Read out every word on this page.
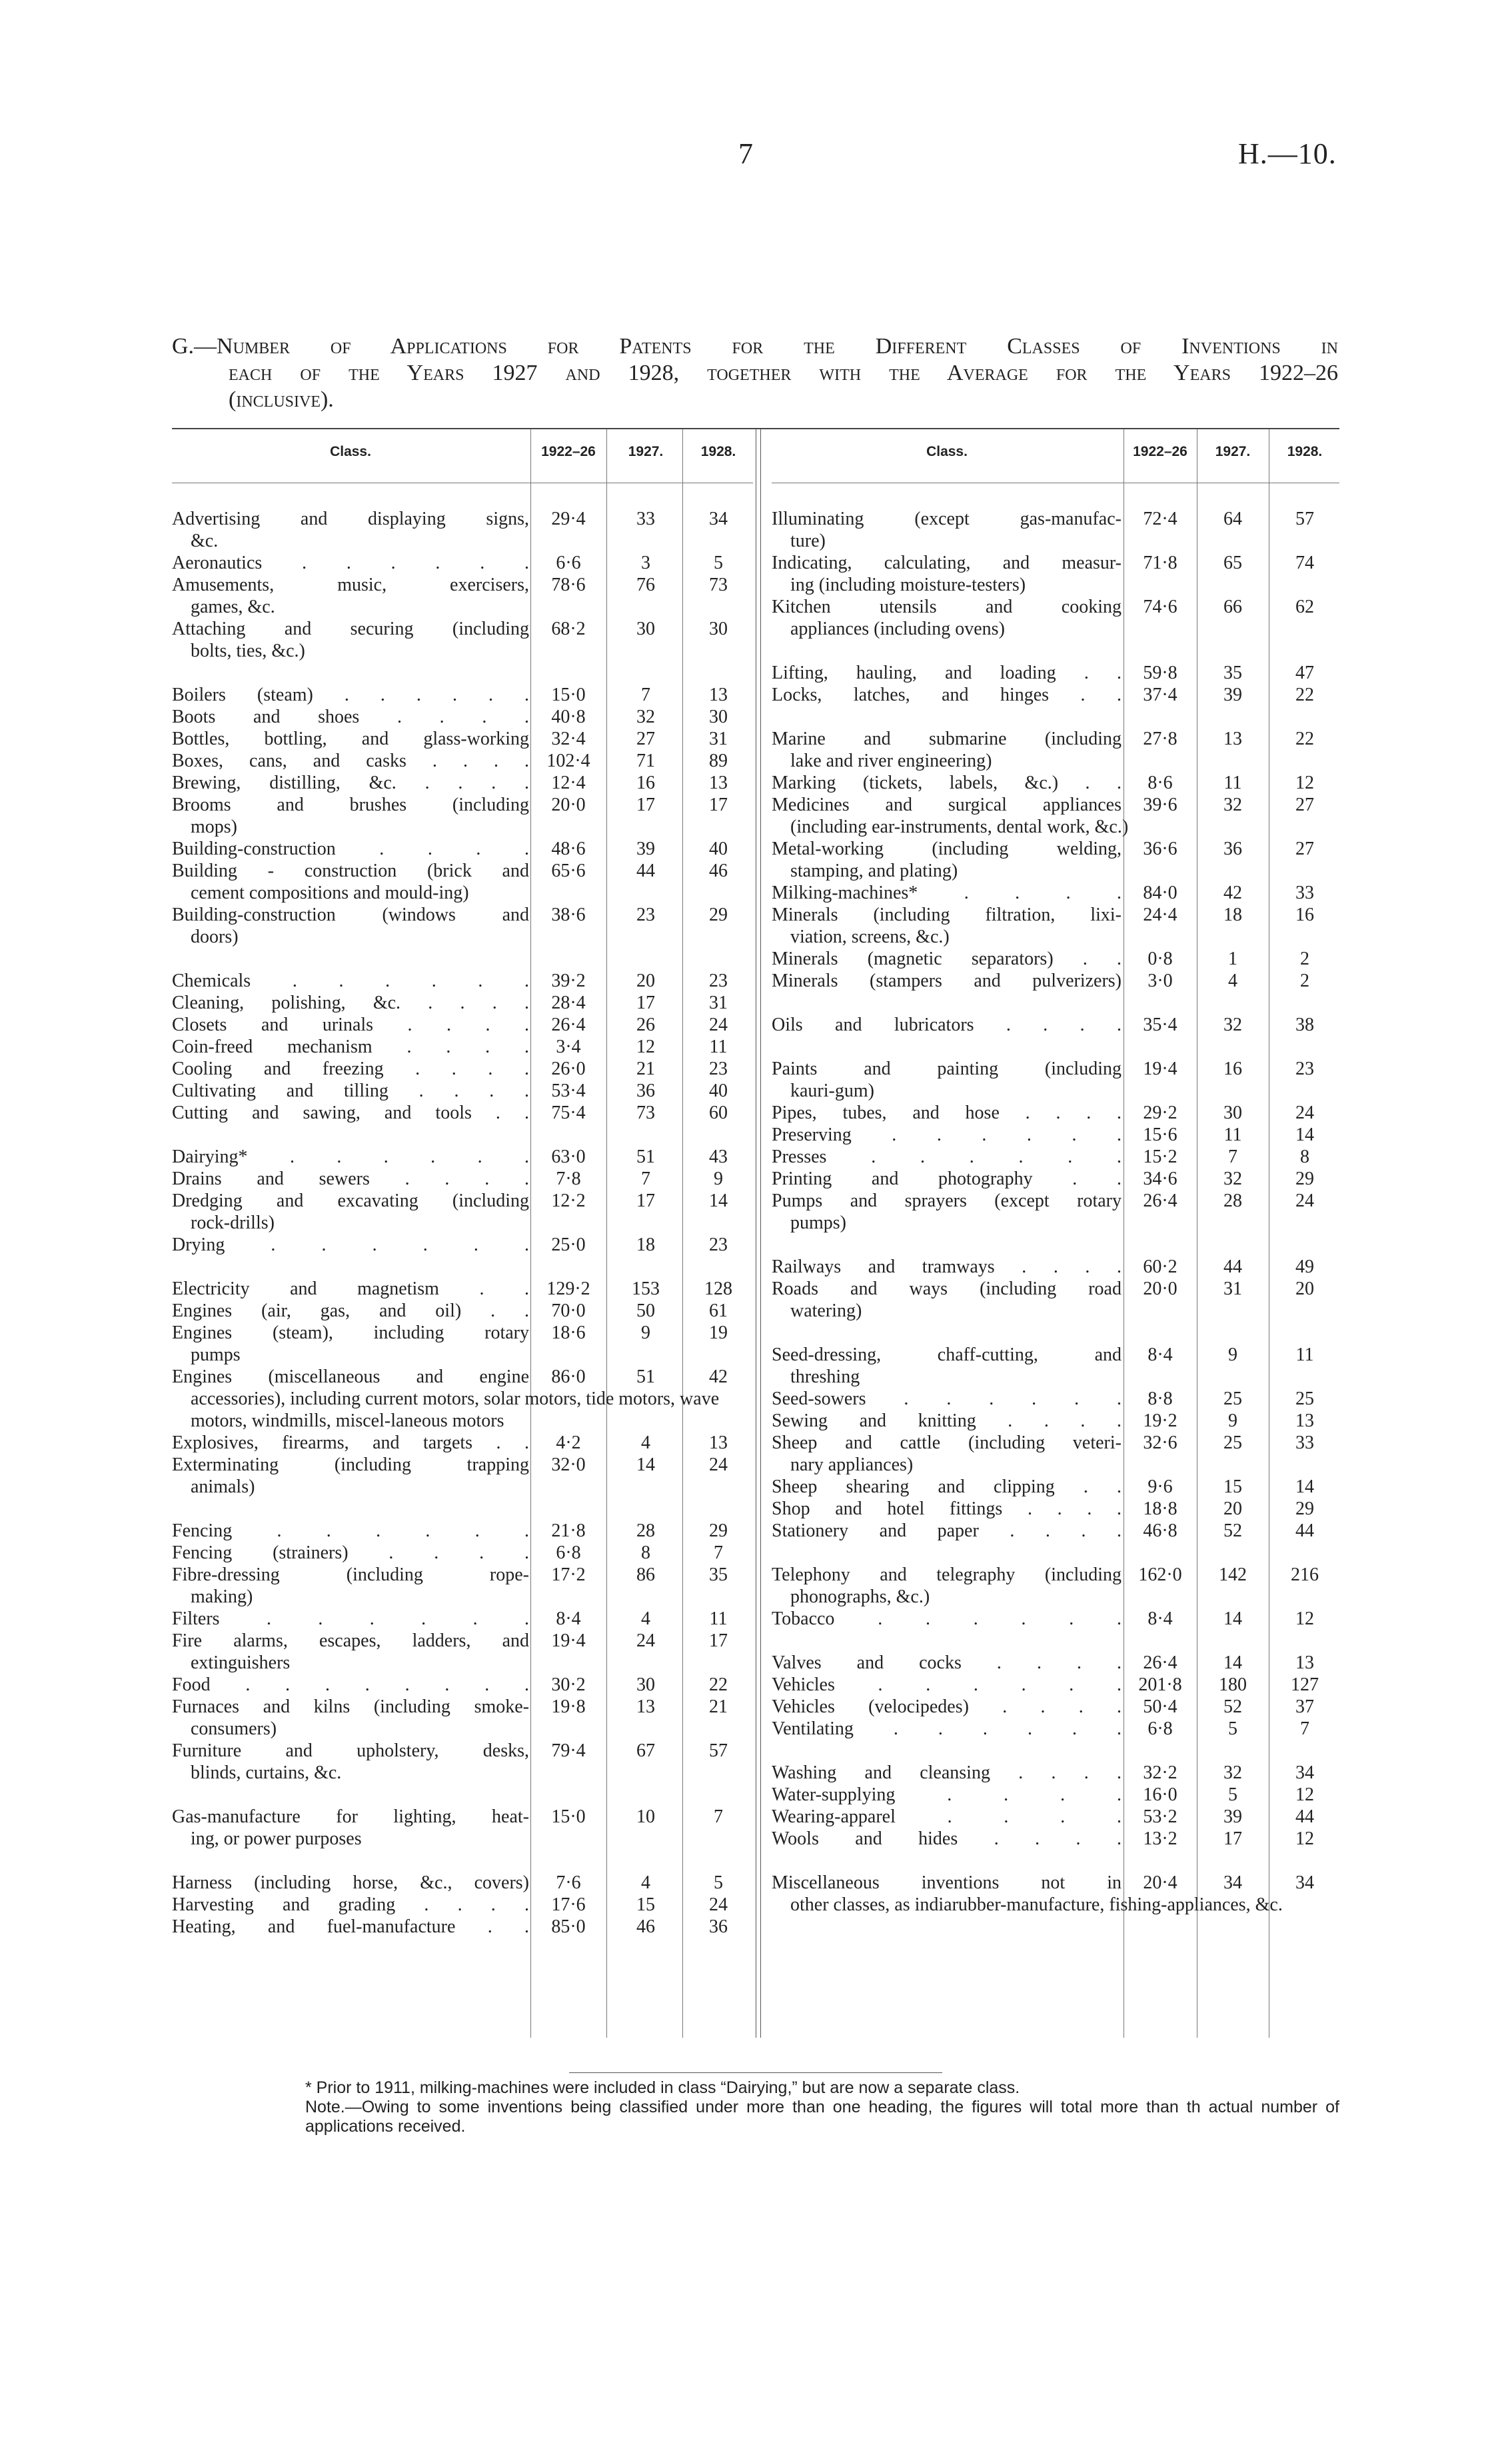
7	H.—10.
G.—Number of Applications for Patents for the Different Classes of Inventions in
each of the Years 1927 and 1928, together with the Average for the Years 1922–26
(inclusive).
Class.	1922–26	1927.	1928.
Advertising and displaying signs,
&c.
29·4	33	34
Aeronautics . . . . . .	6·6	3	5
Amusements, music, exercisers,
games, &c.
78·6	76	73
Attaching and securing (including
bolts, ties, &c.)
68·2	30	30
Boilers (steam) . . . . . .	15·0	7	13
Boots and shoes . . . .	40·8	32	30
Bottles, bottling, and glass-working	32·4	27	31
Boxes, cans, and casks . . . . 102·4	71	89
Brewing, distilling, &c. . . . .	12·4	16	13
Brooms and brushes (including
mops)
20·0	17	17
Building-construction . . . .	48·6	39	40
Building - construction (brick and
cement compositions and mould-ing)
65·6	44	46
Building-construction (windows and
doors)
38·6	23	29
Chemicals . . . . . .	39·2	20	23
Cleaning, polishing, &c. . . . .	28·4	17	31
Closets and urinals . . . .	26·4	26	24
Coin-freed mechanism . . . .	3·4	12	11
Cooling and freezing . . . .	26·0	21	23
Cultivating and tilling . . . .	53·4	36	40
Cutting and sawing, and tools . .	75·4	73	60
Dairying* . . . . . .	63·0	51	43
Drains and sewers . . . .	7·8	7	9
Dredging and excavating (including
rock-drills)
12·2	17	14
Drying . . . . . .	25·0	18	23
Electricity and magnetism . . 129·2	153	128
Engines (air, gas, and oil) . .	70·0	50	61
Engines (steam), including rotary
pumps
18·6	9	19
Engines (miscellaneous and engine
accessories), including current motors, solar motors, tide motors, wave motors, windmills, miscel-laneous motors
86·0	51	42
Explosives, firearms, and targets . .	4·2	4	13
Exterminating (including trapping
animals)
32·0	14	24
Fencing . . . . . .	21·8	28	29
Fencing (strainers) . . . .	6·8	8	7
Fibre-dressing (including rope-
making)
17·2	86	35
Filters . . . . . .	8·4	4	11
Fire alarms, escapes, ladders, and
extinguishers
19·4	24	17
Food . . . . . . . .	30·2	30	22
Furnaces and kilns (including smoke-
consumers)
19·8	13	21
Furniture and upholstery, desks,
blinds, curtains, &c.
79·4	67	57
Gas-manufacture for lighting, heat-
ing, or power purposes
15·0	10	7
Harness (including horse, &c., covers)	7·6	4	5
Harvesting and grading . . . .	17·6	15	24
Heating, and fuel-manufacture . .	85·0	46	36
Class.	1922–26	1927.	1928.
Illuminating (except gas-manufac-
ture)
72·4	64	57
Indicating, calculating, and measur-
ing (including moisture-testers)
71·8	65	74
Kitchen utensils and cooking
appliances (including ovens)
74·6	66	62
Lifting, hauling, and loading . .	59·8	35	47
Locks, latches, and hinges . .	37·4	39	22
Marine and submarine (including
lake and river engineering)
27·8	13	22
Marking (tickets, labels, &c.) . .	8·6	11	12
Medicines and surgical appliances
(including ear-instruments, dental work, &c.)
39·6	32	27
Metal-working (including welding,
stamping, and plating)
36·6	36	27
Milking-machines* . . . .	84·0	42	33
Minerals (including filtration, lixi-
viation, screens, &c.)
24·4	18	16
Minerals (magnetic separators) . .	0·8	1	2
Minerals (stampers and pulverizers)	3·0	4	2
Oils and lubricators . . . .	35·4	32	38
Paints and painting (including
kauri-gum)
19·4	16	23
Pipes, tubes, and hose . . . .	29·2	30	24
Preserving . . . . . .	15·6	11	14
Presses . . . . . .	15·2	7	8
Printing and photography . .	34·6	32	29
Pumps and sprayers (except rotary
pumps)
26·4	28	24
Railways and tramways . . . .	60·2	44	49
Roads and ways (including road
watering)
20·0	31	20
Seed-dressing, chaff-cutting, and
threshing
8·4	9	11
Seed-sowers . . . . . .	8·8	25	25
Sewing and knitting . . . .	19·2	9	13
Sheep and cattle (including veteri-
nary appliances)
32·6	25	33
Sheep shearing and clipping . .	9·6	15	14
Shop and hotel fittings . . . .	18·8	20	29
Stationery and paper . . . .	46·8	52	44
Telephony and telegraphy (including
phonographs, &c.)
162·0	142	216
Tobacco . . . . . .	8·4	14	12
Valves and cocks . . . .	26·4	14	13
Vehicles . . . . . . 201·8	180	127
Vehicles (velocipedes) . . . .	50·4	52	37
Ventilating . . . . . .	6·8	5	7
Washing and cleansing . . . .	32·2	32	34
Water-supplying . . . .	16·0	5	12
Wearing-apparel . . . .	53·2	39	44
Wools and hides . . . .	13·2	17	12
Miscellaneous inventions not in
other classes, as indiarubber-manufacture, fishing-appliances, &c.
20·4	34	34
* Prior to 1911, milking-machines were included in class “Dairying,” but are now a separate class.
Note.—Owing to some inventions being classified under more than one heading, the figures will total more than th actual number of applications received.
